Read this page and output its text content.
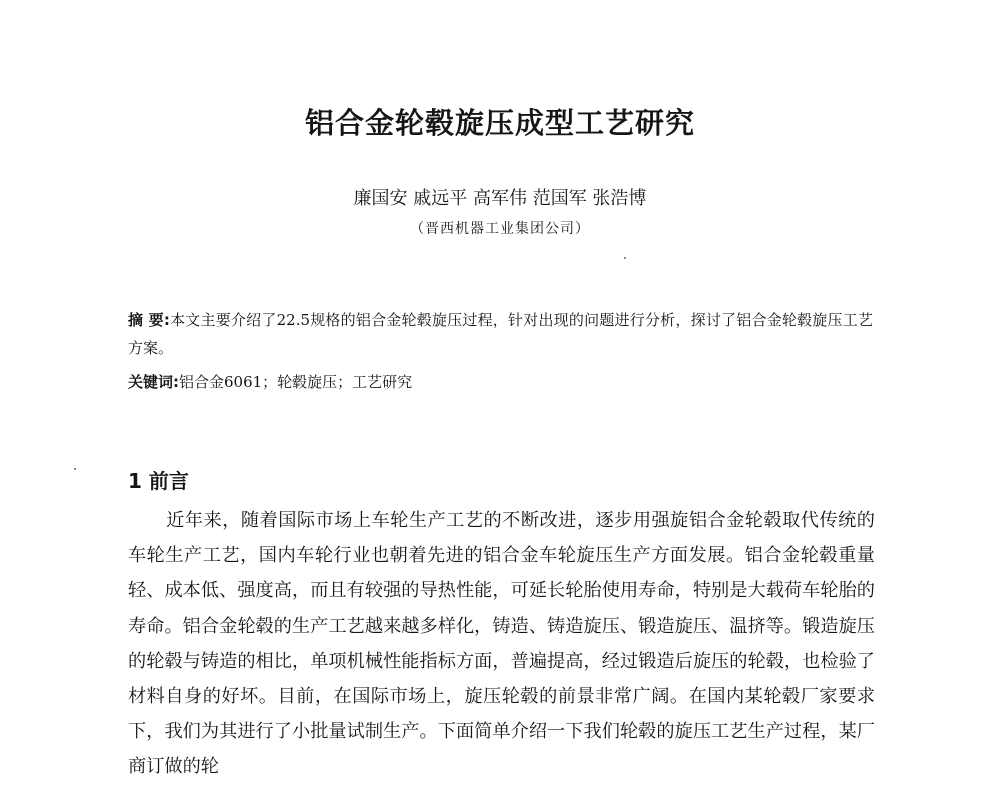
铝合金轮毂旋压成型工艺研究
廉国安 戚远平 高军伟 范国军 张浩博
（晋西机器工业集团公司）
摘 要:本文主要介绍了22.5规格的铝合金轮毂旋压过程，针对出现的问题进行分析，探讨了铝合金轮毂旋压工艺方案。
关键词:铝合金6061；轮毂旋压；工艺研究
1 前言
近年来，随着国际市场上车轮生产工艺的不断改进，逐步用强旋铝合金轮毂取代传统的车轮生产工艺，国内车轮行业也朝着先进的铝合金车轮旋压生产方面发展。铝合金轮毂重量轻、成本低、强度高，而且有较强的导热性能，可延长轮胎使用寿命，特别是大载荷车轮胎的寿命。铝合金轮毂的生产工艺越来越多样化，铸造、铸造旋压、锻造旋压、温挤等。锻造旋压的轮毂与铸造的相比，单项机械性能指标方面，普遍提高，经过锻造后旋压的轮毂，也检验了材料自身的好坏。目前，在国际市场上，旋压轮毂的前景非常广阔。在国内某轮毂厂家要求下，我们为其进行了小批量试制生产。下面简单介绍一下我们轮毂的旋压工艺生产过程，某厂商订做的轮
